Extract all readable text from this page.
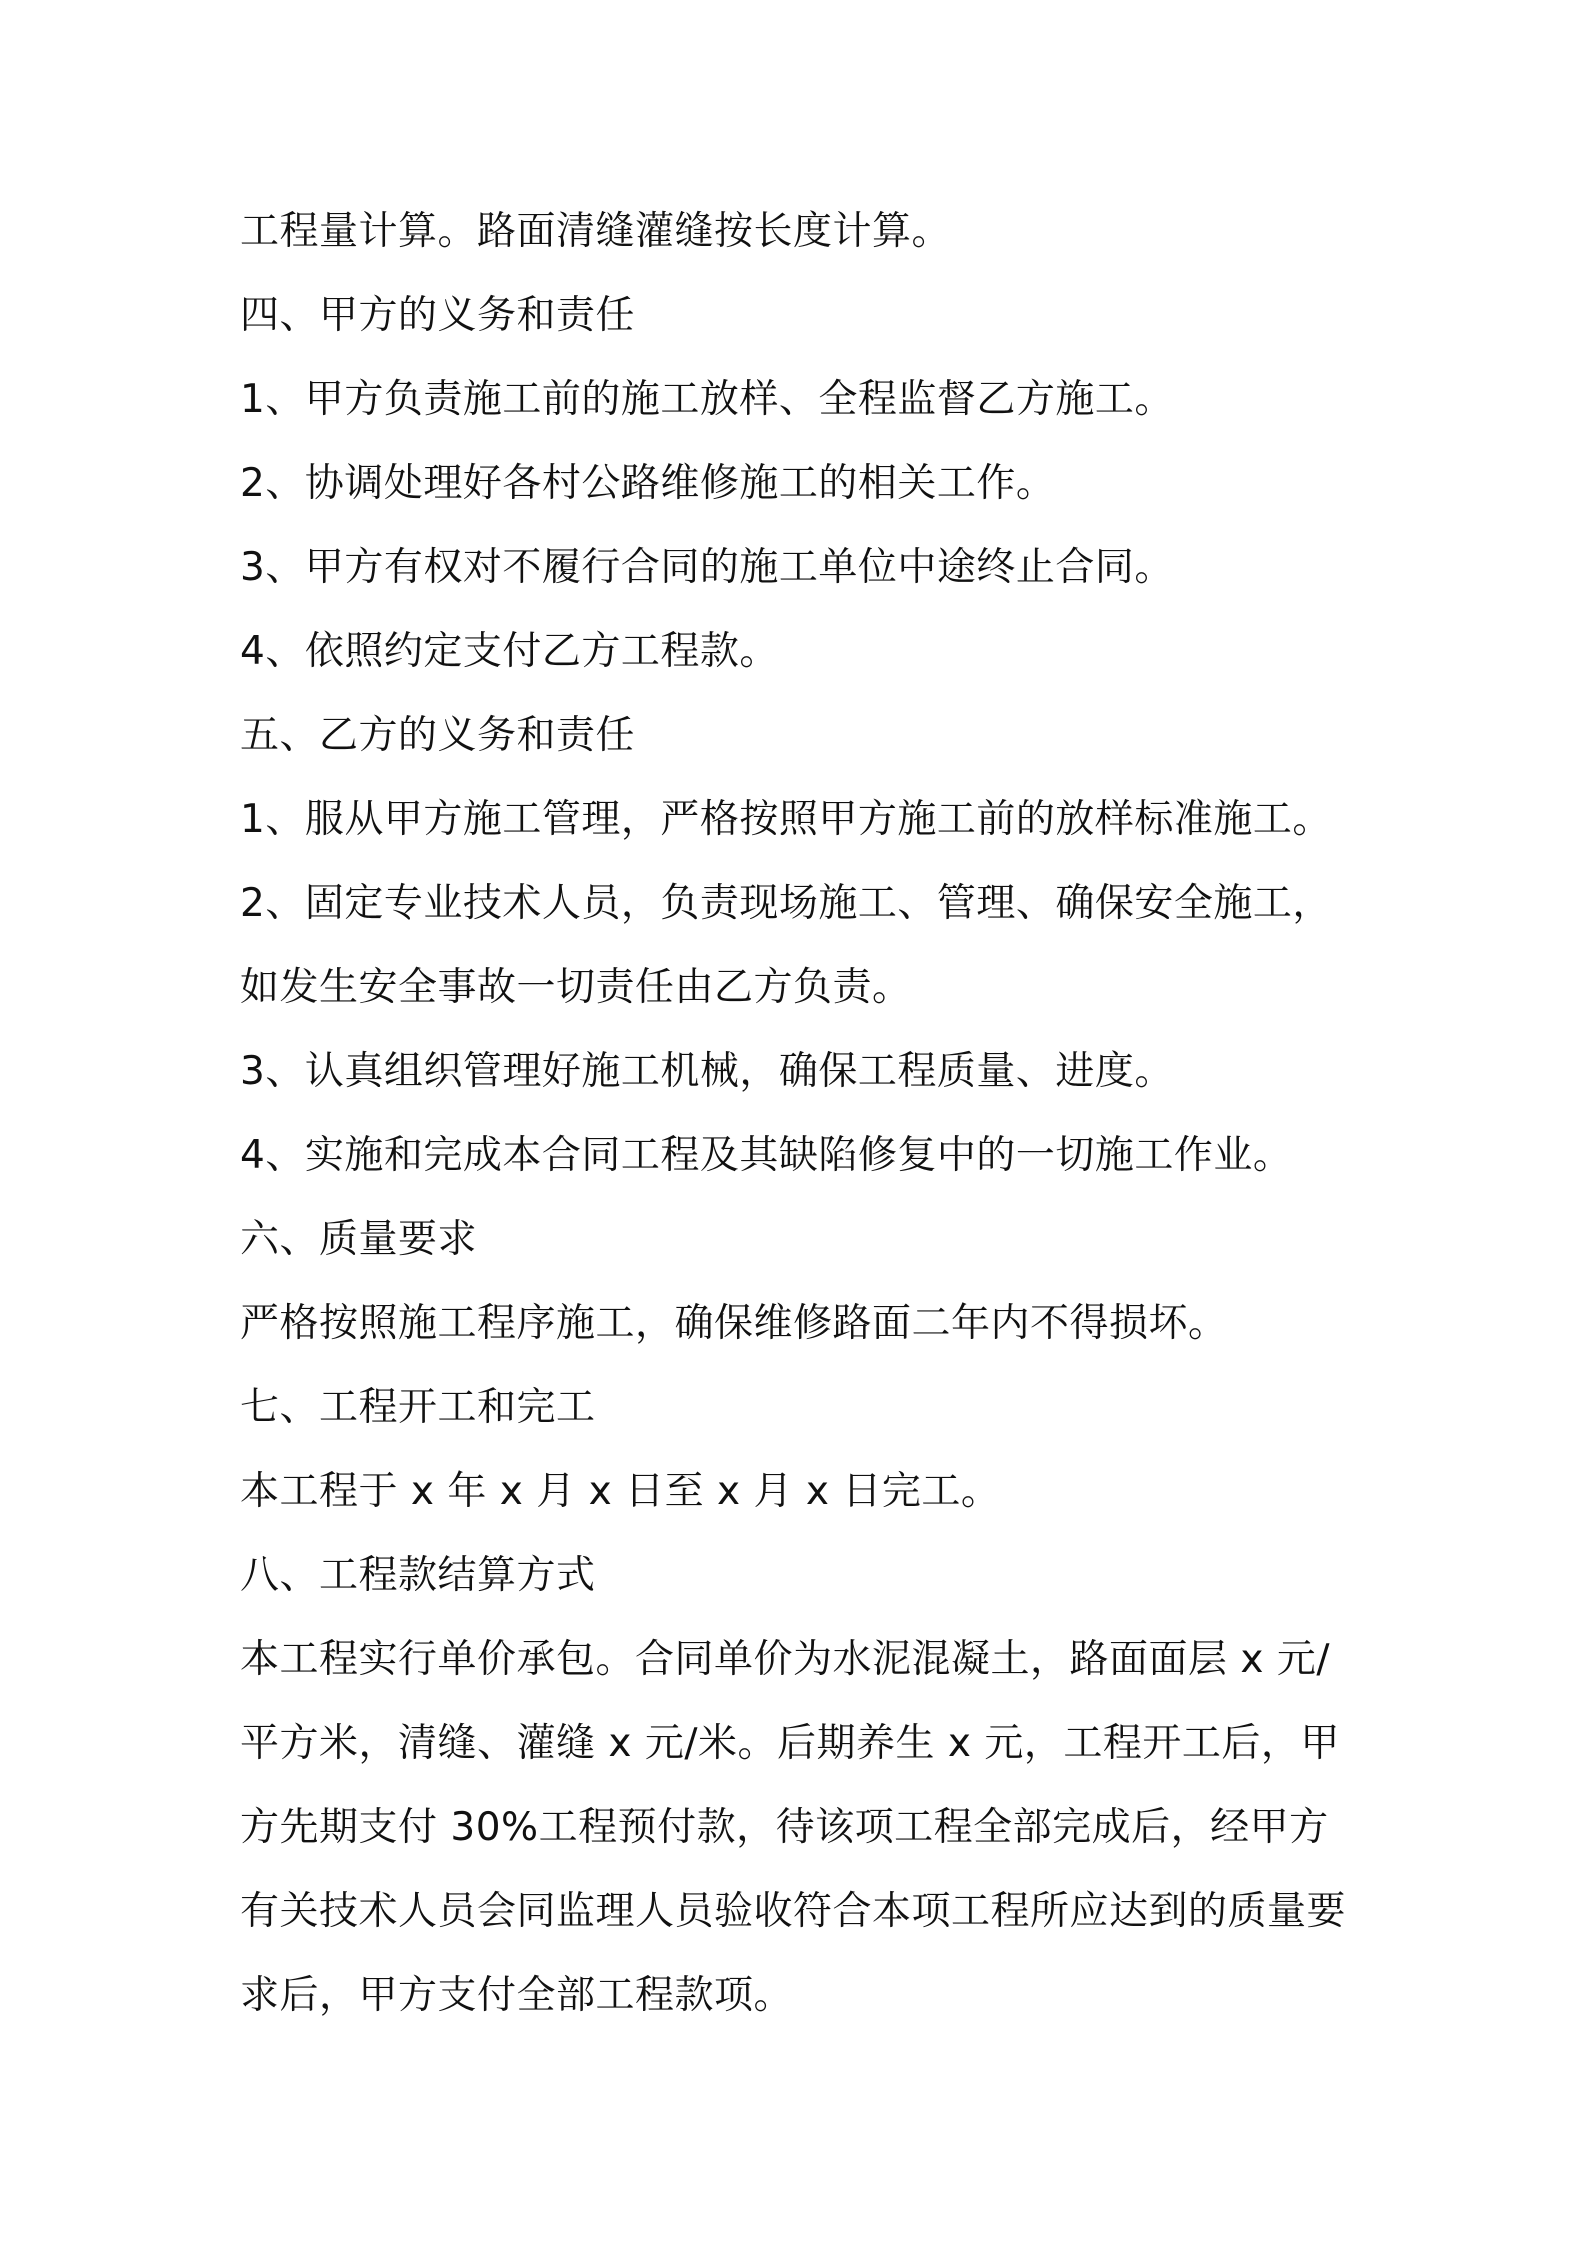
工程量计算。路面清缝灌缝按长度计算。

四、甲方的义务和责任

1、甲方负责施工前的施工放样、全程监督乙方施工。

2、协调处理好各村公路维修施工的相关工作。

3、甲方有权对不履行合同的施工单位中途终止合同。

4、依照约定支付乙方工程款。

五、乙方的义务和责任

1、服从甲方施工管理，严格按照甲方施工前的放样标准施工。

2、固定专业技术人员，负责现场施工、管理、确保安全施工，如发生安全事故一切责任由乙方负责。

3、认真组织管理好施工机械，确保工程质量、进度。

4、实施和完成本合同工程及其缺陷修复中的一切施工作业。

六、质量要求

严格按照施工程序施工，确保维修路面二年内不得损坏。

七、工程开工和完工

本工程于 x 年 x 月 x 日至 x 月 x 日完工。

八、工程款结算方式

本工程实行单价承包。合同单价为水泥混凝土，路面面层 x 元/平方米，清缝、灌缝 x 元/米。后期养生 x 元，工程开工后，甲方先期支付 30%工程预付款，待该项工程全部完成后，经甲方有关技术人员会同监理人员验收符合本项工程所应达到的质量要求后，甲方支付全部工程款项。
